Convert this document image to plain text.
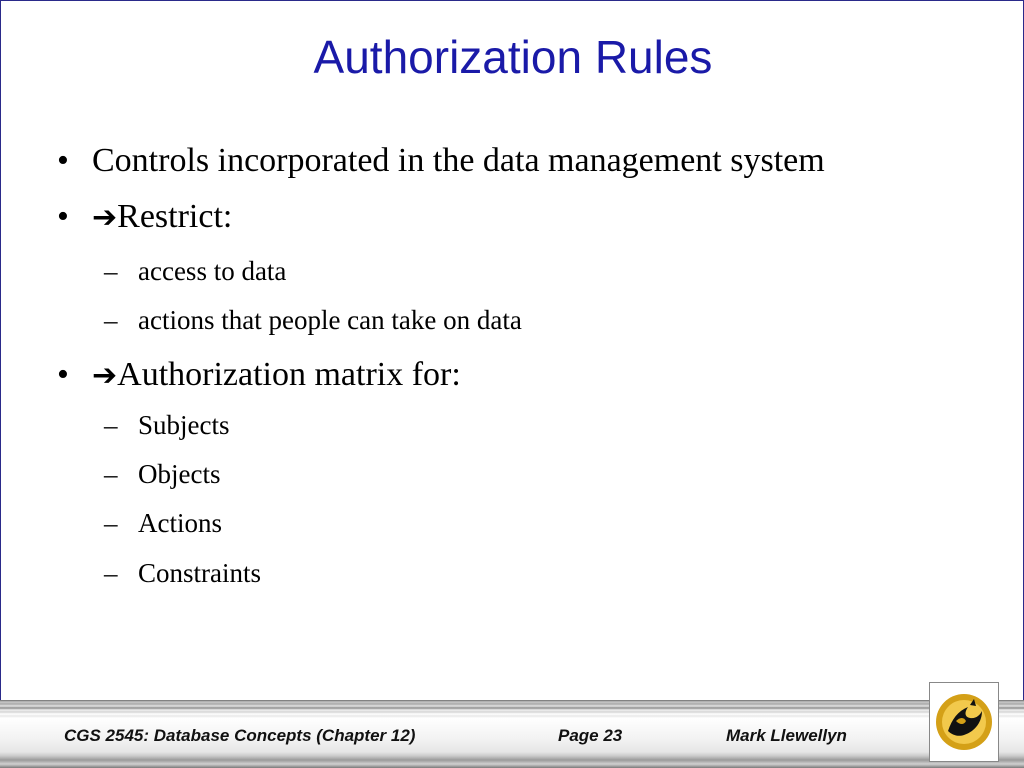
Authorization Rules
• Controls incorporated in the data management system
• ➔Restrict:
– access to data
– actions that people can take on data
• ➔Authorization matrix for:
– Subjects
– Objects
– Actions
– Constraints
CGS 2545: Database Concepts (Chapter 12)	Page 23	Mark Llewellyn
